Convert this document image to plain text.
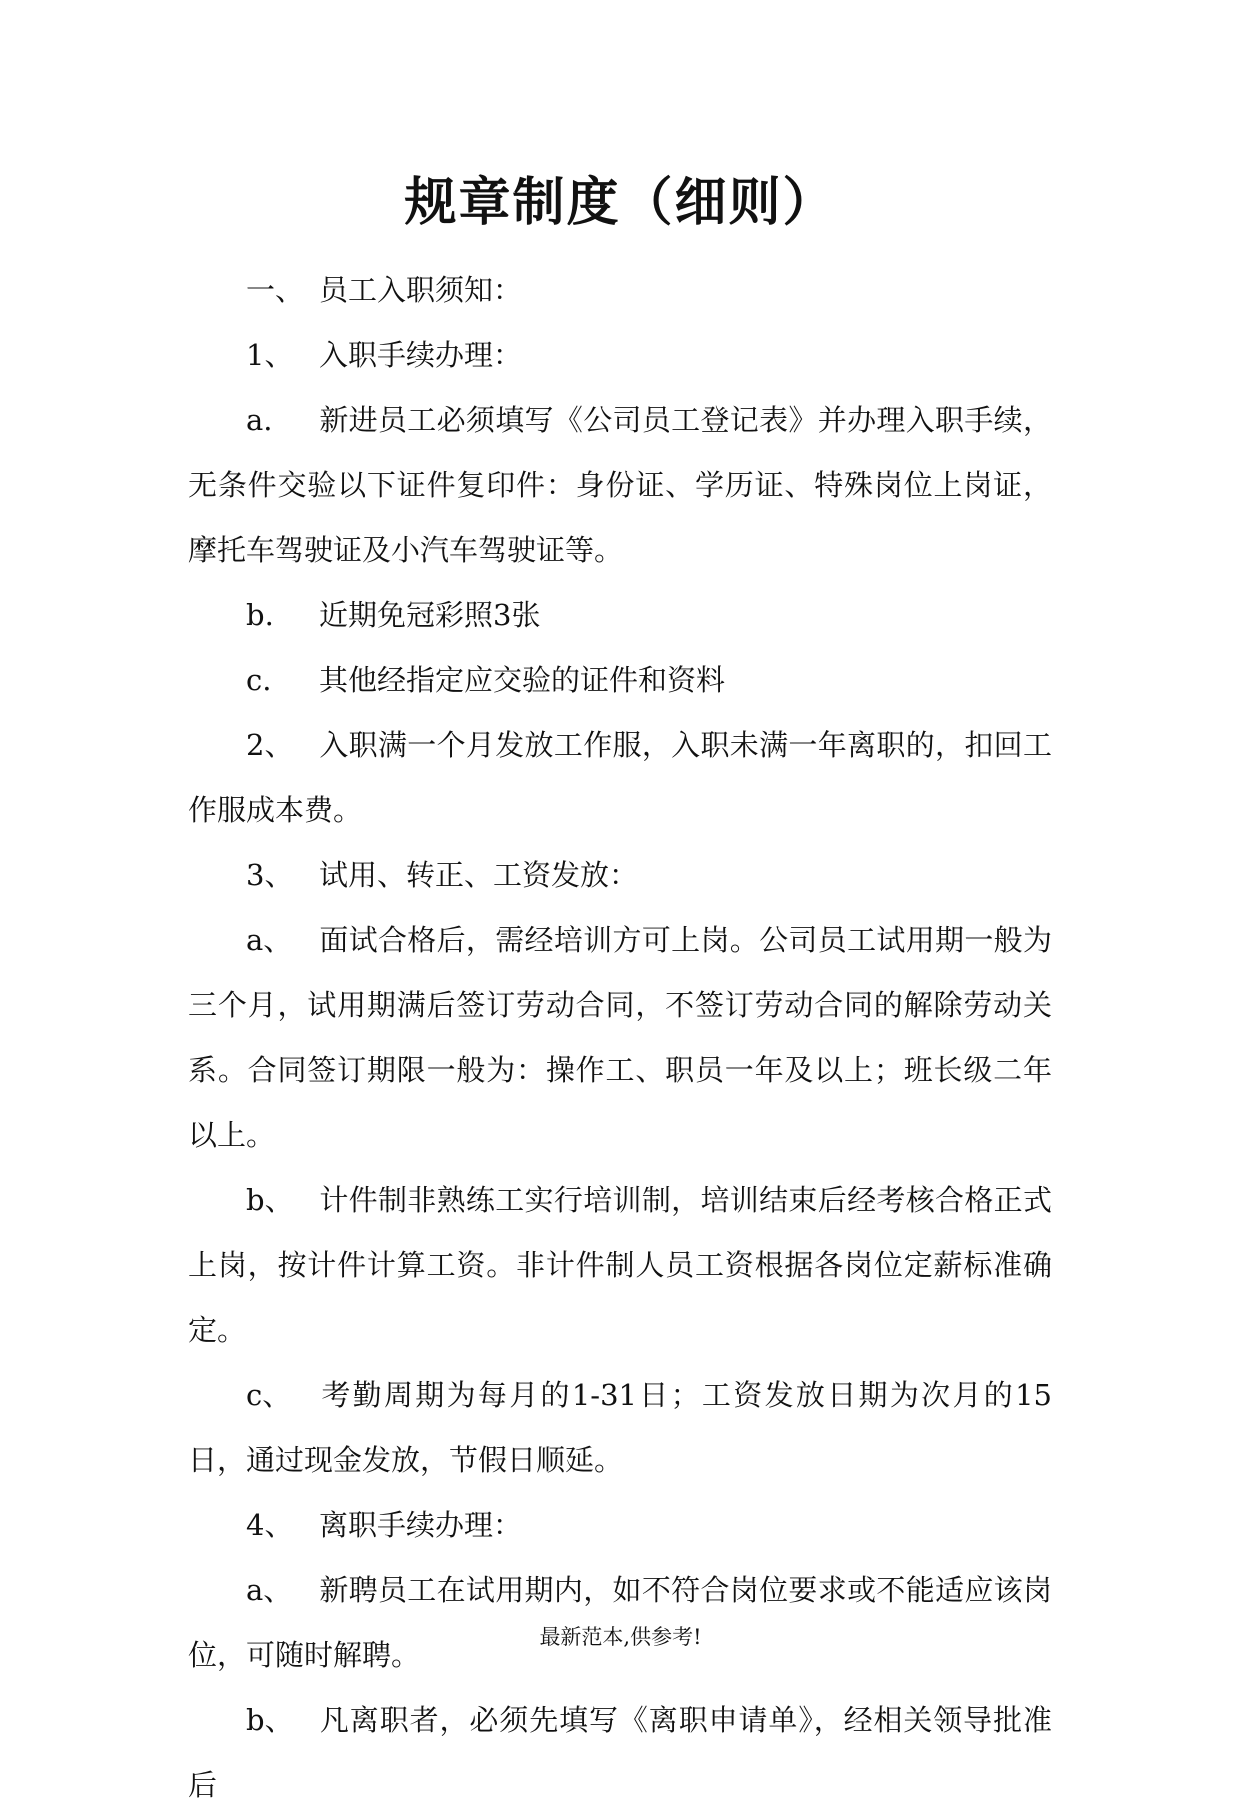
规章制度（细则）

一、 员工入职须知：

1、 入职手续办理：

a. 新进员工必须填写《公司员工登记表》并办理入职手续，无条件交验以下证件复印件：身份证、学历证、特殊岗位上岗证，摩托车驾驶证及小汽车驾驶证等。

b. 近期免冠彩照3张

c. 其他经指定应交验的证件和资料

2、 入职满一个月发放工作服，入职未满一年离职的，扣回工作服成本费。

3、 试用、转正、工资发放：

a、 面试合格后，需经培训方可上岗。公司员工试用期一般为三个月，试用期满后签订劳动合同，不签订劳动合同的解除劳动关系。合同签订期限一般为：操作工、职员一年及以上；班长级二年以上。

b、 计件制非熟练工实行培训制，培训结束后经考核合格正式上岗，按计件计算工资。非计件制人员工资根据各岗位定薪标准确定。

c、 考勤周期为每月的1-31日；工资发放日期为次月的15日，通过现金发放，节假日顺延。

4、 离职手续办理：

a、 新聘员工在试用期内，如不符合岗位要求或不能适应该岗位，可随时解聘。

b、 凡离职者，必须先填写《离职申请单》，经相关领导批准后

最新范本,供参考!
